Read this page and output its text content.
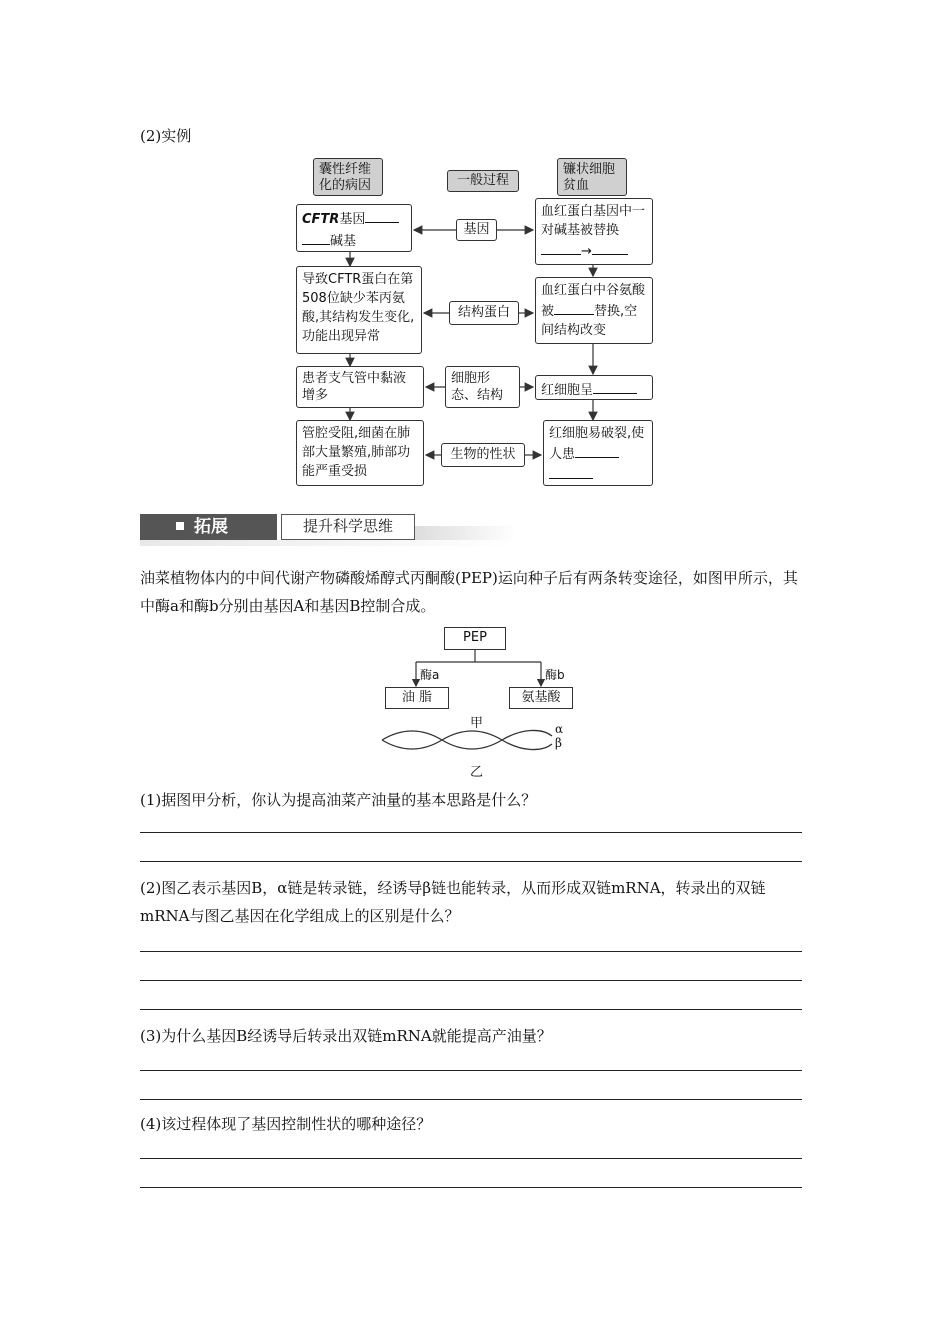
(2)实例
囊性纤维化的病因	一般过程
镰状细胞贫血
CFTR基因
碱基
基因
血红蛋白基因中一对碱基被替换
→
导致CFTR蛋白在第508位缺少苯丙氨酸,其结构发生变化,功能出现异常
结构蛋白
血红蛋白中谷氨酸被	替换,空间结构改变
患者支气管中黏液增多
细胞形态、结构	红细胞呈
管腔受阻,细菌在肺部大量繁殖,肺部功能严重受损
生物的性状
红细胞易破裂,使人患

拓展	提升科学思维
油菜植物体内的中间代谢产物磷酸烯醇式丙酮酸(PEP)运向种子后有两条转变途径，如图甲所示，其中酶a和酶b分别由基因A和基因B控制合成。
PEP
酶a	酶b
油 脂	氨基酸
甲	α
β
乙
(1)据图甲分析，你认为提高油菜产油量的基本思路是什么？
(2)图乙表示基因B，α链是转录链，经诱导β链也能转录，从而形成双链mRNA，转录出的双链mRNA与图乙基因在化学组成上的区别是什么？
(3)为什么基因B经诱导后转录出双链mRNA就能提高产油量？
(4)该过程体现了基因控制性状的哪种途径？
